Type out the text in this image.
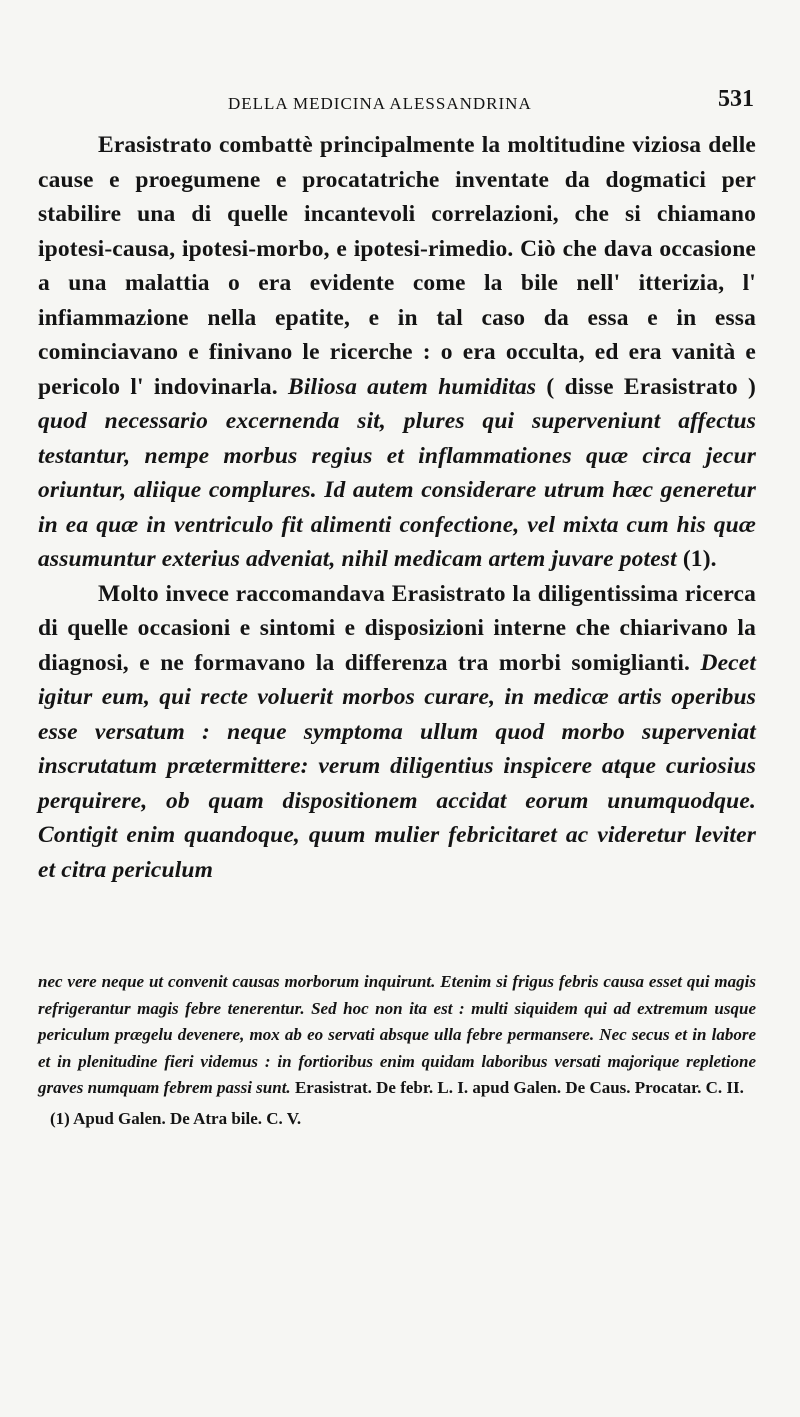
DELLA MEDICINA ALESSANDRINA	531

Erasistrato combattè principalmente la moltitudine viziosa delle cause e proegumene e procatatriche inventate da dogmatici per stabilire una di quelle incantevoli correlazioni, che si chiamano ipotesi-causa, ipotesi-morbo, e ipotesi-rimedio. Ciò che dava occasione a una malattia o era evidente come la bile nell' itterizia, l' infiammazione nella epatite, e in tal caso da essa e in essa cominciavano e finivano le ricerche : o era occulta, ed era vanità e pericolo l' indovinarla. Biliosa autem humiditas ( disse Erasistrato ) quod necessario excernenda sit, plures qui superveniunt affectus testantur, nempe morbus regius et inflammationes quæ circa jecur oriuntur, aliique complures. Id autem considerare utrum hæc generetur in ea quæ in ventriculo fit alimenti confectione, vel mixta cum his quæ assumuntur exterius adveniat, nihil medicam artem juvare potest (1).

Molto invece raccomandava Erasistrato la diligentissima ricerca di quelle occasioni e sintomi e disposizioni interne che chiarivano la diagnosi, e ne formavano la differenza tra morbi somiglianti. Decet igitur eum, qui recte voluerit morbos curare, in medicæ artis operibus esse versatum : neque symptoma ullum quod morbo superveniat inscrutatum prætermittere: verum diligentius inspicere atque curiosius perquirere, ob quam dispositionem accidat eorum unumquodque. Contigit enim quandoque, quum mulier febricitaret ac videretur leviter et citra periculum

nec vere neque ut convenit causas morborum inquirunt. Etenim si frigus febris causa esset qui magis refrigerantur magis febre tenerentur. Sed hoc non ita est : multi siquidem qui ad extremum usque periculum prægelu devenere, mox ab eo servati absque ulla febre permansere. Nec secus et in labore et in plenitudine fieri videmus : in fortioribus enim quidam laboribus versati majorique repletione graves numquam febrem passi sunt. Erasistrat. De febr. L. I. apud Galen. De Caus. Procatar. C. II.

(1) Apud Galen. De Atra bile. C. V.
